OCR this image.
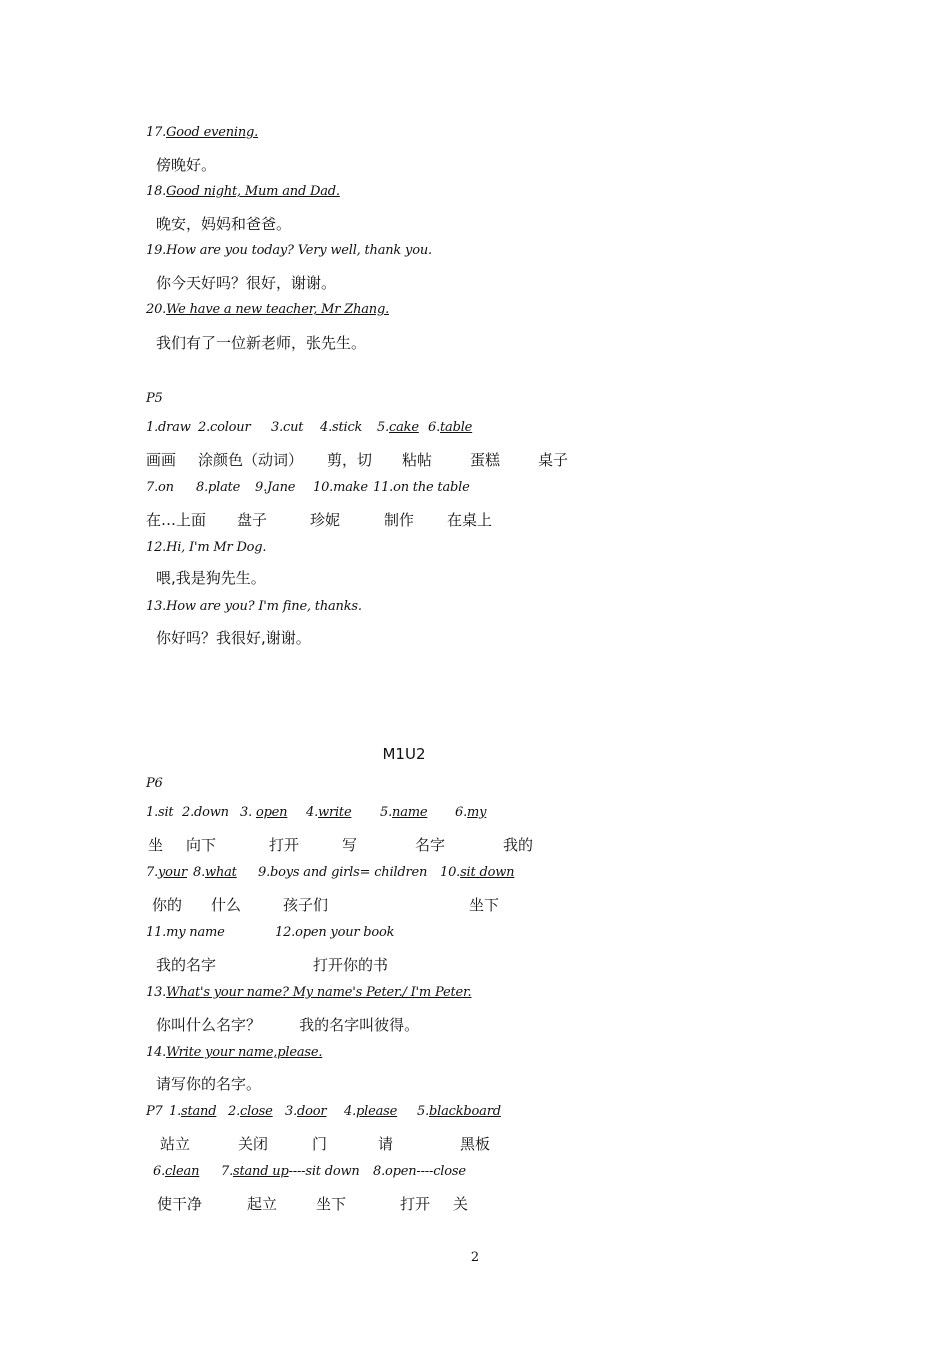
17.Good evening.
傍晚好。
18.Good night, Mum and Dad.
晚安，妈妈和爸爸。
19.How are you today? Very well, thank you.
你今天好吗？很好，谢谢。
20.We have a new teacher, Mr Zhang.
我们有了一位新老师，张先生。
P5
1.draw 2.colour 3.cut 4.stick 5.cake 6.table
画画 涂颜色（动词） 剪，切 粘帖	蛋糕	桌子
7.on 8.plate 9.Jane 10.make 11.on the table
在…上面 盘子	珍妮	制作 在桌上
12.Hi, I'm Mr Dog.
喂,我是狗先生。
13.How are you? I'm fine, thanks.
你好吗？我很好,谢谢。
M1U2
P6
1.sit 2.down 3. open 4.write 5.name 6.my
坐 向下	打开	写	名字	我的
7.your 8.what 9.boys and girls= children 10.sit down
你的 什么	孩子们	坐下
11.my name	12.open your book
我的名字	打开你的书
13.What's your name? My name's Peter./ I'm Peter.
你叫什么名字？        我的名字叫彼得。
14.Write your name,please.
请写你的名字。
P7 1.stand 2.close 3.door 4.please 5.blackboard
站立	关闭	门	请	黑板
6.clean 7.stand up----sit down 8.open----close
使干净	起立	坐下	打开 关
2
